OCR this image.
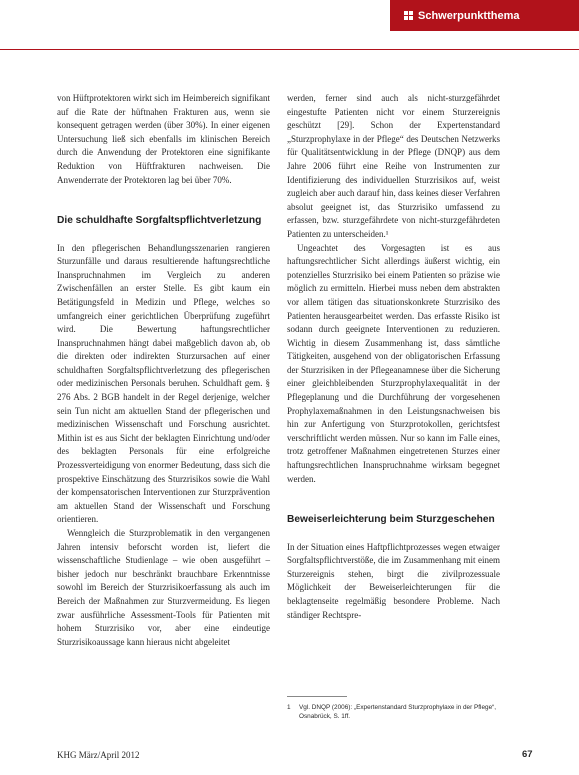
Schwerpunktthema

von Hüftprotektoren wirkt sich im Heimbereich signifikant auf die Rate der hüftnahen Frakturen aus, wenn sie konsequent getragen werden (über 30%). In einer eigenen Untersuchung ließ sich ebenfalls im klinischen Bereich durch die Anwendung der Protektoren eine signifikante Reduktion von Hüftfrakturen nachweisen. Die Anwenderrate der Protektoren lag bei über 70%.

Die schuldhafte Sorgfaltspflichtverletzung

In den pflegerischen Behandlungsszenarien rangieren Sturzunfälle und daraus resultierende haftungsrechtliche Inanspruchnahmen im Vergleich zu anderen Zwischenfällen an erster Stelle. Es gibt kaum ein Betätigungsfeld in Medizin und Pflege, welches so umfangreich einer gerichtlichen Überprüfung zugeführt wird. Die Bewertung haftungsrechtlicher Inanspruchnahmen hängt dabei maßgeblich davon ab, ob die direkten oder indirekten Sturzursachen auf einer schuldhaften Sorgfaltspflichtverletzung des pflegerischen oder medizinischen Personals beruhen. Schuldhaft gem. § 276 Abs. 2 BGB handelt in der Regel derjenige, welcher sein Tun nicht am aktuellen Stand der pflegerischen und medizinischen Wissenschaft und Forschung ausrichtet. Mithin ist es aus Sicht der beklagten Einrichtung und/oder des beklagten Personals für eine erfolgreiche Prozessverteidigung von enormer Bedeutung, dass sich die prospektive Einschätzung des Sturzrisikos sowie die Wahl der kompensatorischen Interventionen zur Sturzprävention am aktuellen Stand der Wissenschaft und Forschung orientieren.

Wenngleich die Sturzproblematik in den vergangenen Jahren intensiv beforscht worden ist, liefert die wissenschaftliche Studienlage – wie oben ausgeführt – bisher jedoch nur beschränkt brauchbare Erkenntnisse sowohl im Bereich der Sturzrisikoerfassung als auch im Bereich der Maßnahmen zur Sturzvermeidung. Es liegen zwar ausführliche Assessment-Tools für Patienten mit hohem Sturzrisiko vor, aber eine eindeutige Sturzrisikoaussage kann hieraus nicht abgeleitet

werden, ferner sind auch als nicht-sturzgefährdet eingestufte Patienten nicht vor einem Sturzereignis geschützt [29]. Schon der Expertenstandard „Sturzprophylaxe in der Pflege“ des Deutschen Netzwerks für Qualitätsentwicklung in der Pflege (DNQP) aus dem Jahre 2006 führt eine Reihe von Instrumenten zur Identifizierung des individuellen Sturzrisikos auf, weist zugleich aber auch darauf hin, dass keines dieser Verfahren absolut geeignet ist, das Sturzrisiko umfassend zu erfassen, bzw. sturzgefährdete von nicht-sturzgefährdeten Patienten zu unterscheiden.¹

Ungeachtet des Vorgesagten ist es aus haftungsrechtlicher Sicht allerdings äußerst wichtig, ein potenzielles Sturzrisiko bei einem Patienten so präzise wie möglich zu ermitteln. Hierbei muss neben dem abstrakten vor allem tätigen das situationskonkrete Sturzrisiko des Patienten herausgearbeitet werden. Das erfasste Risiko ist sodann durch geeignete Interventionen zu reduzieren. Wichtig in diesem Zusammenhang ist, dass sämtliche Tätigkeiten, ausgehend von der obligatorischen Erfassung der Sturzrisiken in der Pflegeanamnese über die Sicherung einer gleichbleibenden Sturzprophylaxequalität in der Pflegeplanung und die Durchführung der vorgesehenen Prophylaxemaßnahmen in den Leistungsnachweisen bis hin zur Anfertigung von Sturzprotokollen, gerichtsfest verschriftlicht werden müssen. Nur so kann im Falle eines, trotz getroffener Maßnahmen eingetretenen Sturzes einer haftungsrechtlichen Inanspruchnahme wirksam begegnet werden.

Beweiserleichterung beim Sturzgeschehen

In der Situation eines Haftpflichtprozesses wegen etwaiger Sorgfaltspflichtverstöße, die im Zusammenhang mit einem Sturzereignis stehen, birgt die zivilprozessuale Möglichkeit der Beweiserleichterungen für die beklagtenseite regelmäßig besondere Probleme. Nach ständiger Rechtspre-

1	Vgl. DNQP (2006): „Expertenstandard Sturzprophylaxe in der Pflege“, Osnabrück, S. 1ff.
KHG März/April 2012	67
